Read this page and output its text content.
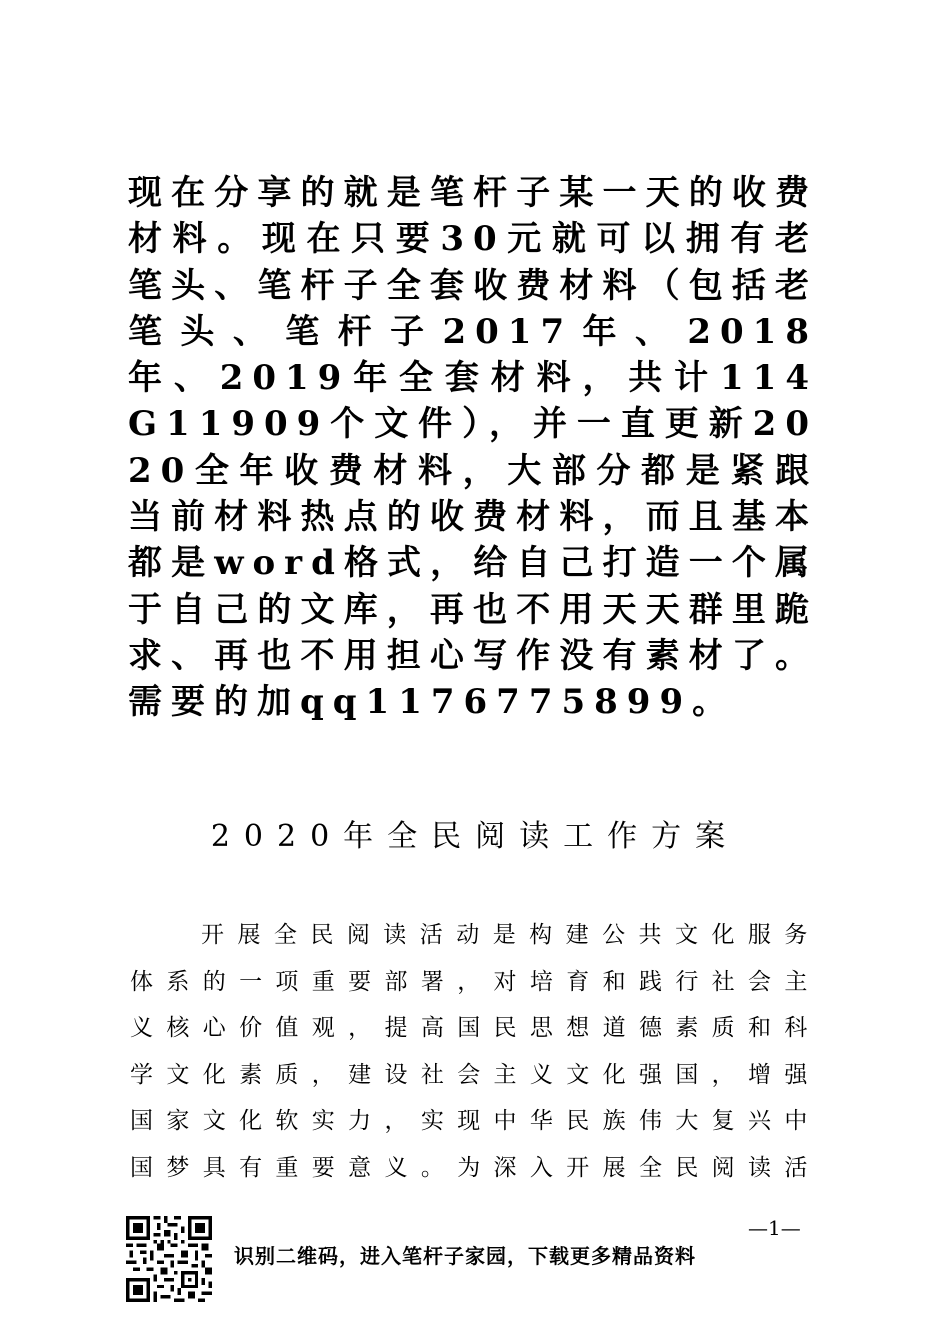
现在分享的就是笔杆子某一天的收费材料。现在只要30元就可以拥有老笔头、笔杆子全套收费材料（包括老笔头、笔杆子2017年、2018年、2019年全套材料，共计114G11909个文件），并一直更新2020全年收费材料，大部分都是紧跟当前材料热点的收费材料，而且基本都是word格式，给自己打造一个属于自己的文库，再也不用天天群里跪求、再也不用担心写作没有素材了。需要的加qq1176775899。
2020年全民阅读工作方案
开展全民阅读活动是构建公共文化服务体系的一项重要部署，对培育和践行社会主义核心价值观，提高国民思想道德素质和科学文化素质，建设社会主义文化强国，增强国家文化软实力，实现中华民族伟大复兴中国梦具有重要意义。为深入开展全民阅读活
—1—
识别二维码，进入笔杆子家园，下载更多精品资料
